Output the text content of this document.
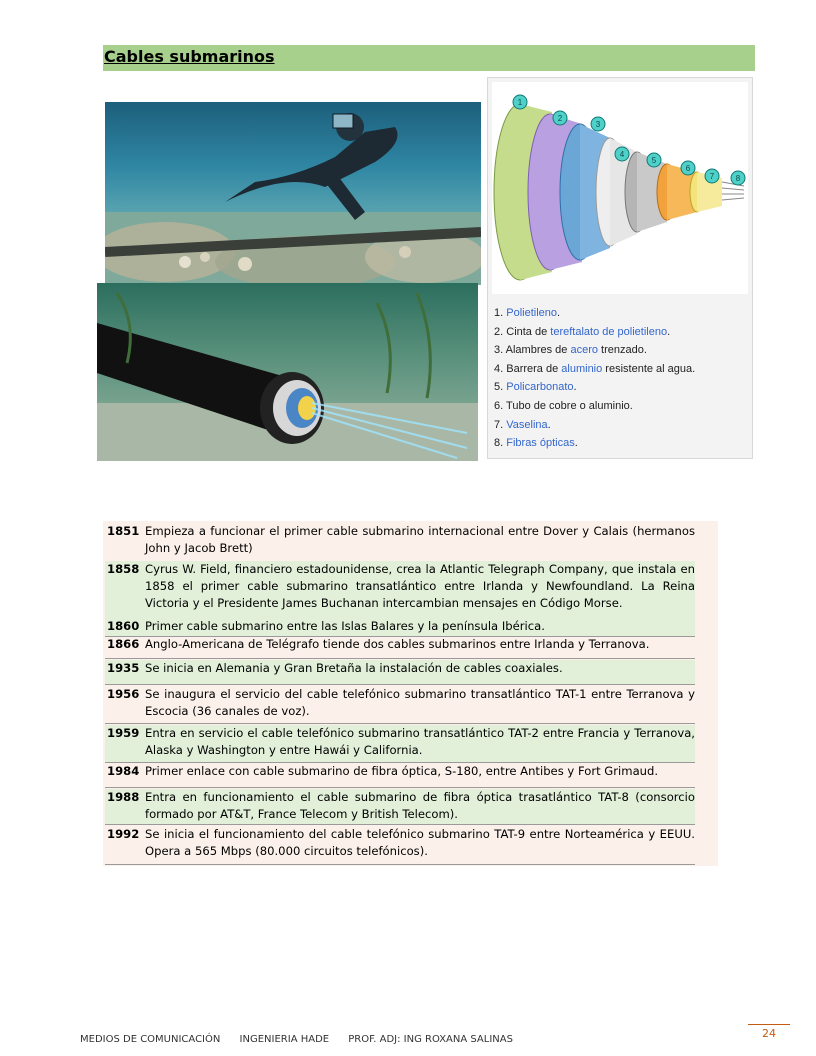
Cables submarinos
1
2
3
4
5
6
7	8
1. Polietileno.
2. Cinta de tereftalato de polietileno.
3. Alambres de acero trenzado.
4. Barrera de aluminio resistente al agua.
5. Policarbonato.
6. Tubo de cobre o aluminio.
7. Vaselina.
8. Fibras ópticas.
1851 Empieza a funcionar el primer cable submarino internacional entre Dover y Calais (hermanos John y Jacob Brett)
1858 Cyrus W. Field, financiero estadounidense, crea la Atlantic Telegraph Company, que instala en 1858 el primer cable submarino transatlántico entre Irlanda y Newfoundland. La Reina Victoria y el Presidente James Buchanan intercambian mensajes en Código Morse.
1860 Primer cable submarino entre las Islas Balares y la península Ibérica.
1866 Anglo-Americana de Telégrafo tiende dos cables submarinos entre Irlanda y Terranova.
1935 Se inicia en Alemania y Gran Bretaña la instalación de cables coaxiales.
1956 Se inaugura el servicio del cable telefónico submarino transatlántico TAT-1 entre Terranova y Escocia (36 canales de voz).
1959 Entra en servicio el cable telefónico submarino transatlántico TAT-2 entre Francia y Terranova, Alaska y Washington y entre Hawái y California.
1984 Primer enlace con cable submarino de fibra óptica, S-180, entre Antibes y Fort Grimaud.
1988 Entra en funcionamiento el cable submarino de fibra óptica trasatlántico TAT-8 (consorcio formado por AT&T, France Telecom y British Telecom).
1992 Se inicia el funcionamiento del cable telefónico submarino TAT-9 entre Norteamérica y EEUU. Opera a 565 Mbps (80.000 circuitos telefónicos).
MEDIOS DE COMUNICACIÓN INGENIERIA HADE PROF. ADJ: ING ROXANA SALINAS	24
